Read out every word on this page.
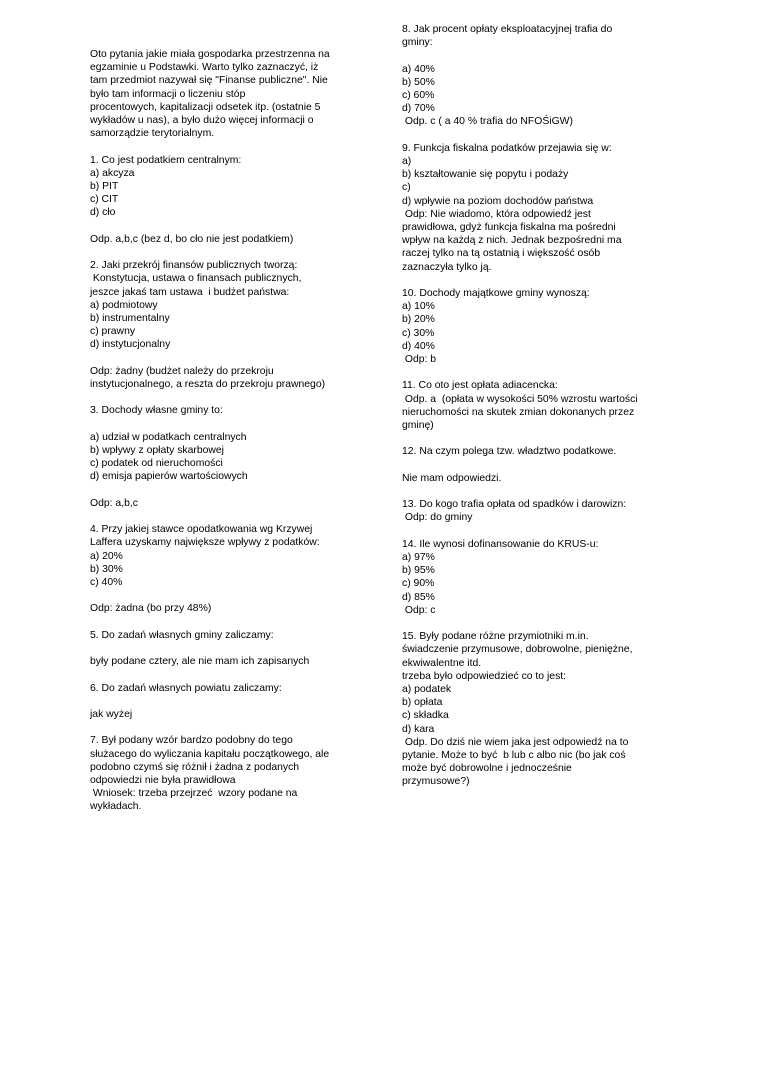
Oto pytania jakie miała gospodarka przestrzenna na
egzaminie u Podstawki. Warto tylko zaznaczyć, iż
tam przedmiot nazywał się "Finanse publiczne". Nie
było tam informacji o liczeniu stóp
procentowych, kapitalizacji odsetek itp. (ostatnie 5
wykładów u nas), a było dużo więcej informacji o
samorządzie terytorialnym.
1. Co jest podatkiem centralnym:
a) akcyza
b) PIT
c) CIT
d) cło
Odp. a,b,c (bez d, bo cło nie jest podatkiem)
2. Jaki przekrój finansów publicznych tworzą:
Konstytucja, ustawa o finansach publicznych,
jeszce jakaś tam ustawa  i budżet państwa:
a) podmiotowy
b) instrumentalny
c) prawny
d) instytucjonalny
Odp: żadny (budżet należy do przekroju
instytucjonalnego, a reszta do przekroju prawnego)
3. Dochody własne gminy to:
a) udział w podatkach centralnych
b) wpływy z opłaty skarbowej
c) podatek od nieruchomości
d) emisja papierów wartościowych
Odp: a,b,c
4. Przy jakiej stawce opodatkowania wg Krzywej
Laffera uzyskamy największe wpływy z podatków:
a) 20%
b) 30%
c) 40%
Odp: żadna (bo przy 48%)
5. Do zadań własnych gminy zaliczamy:
były podane cztery, ale nie mam ich zapisanych
6. Do zadań własnych powiatu zaliczamy:
jak wyżej
7. Był podany wzór bardzo podobny do tego
służacego do wyliczania kapitału początkowego, ale
podobno czymś się różnił i żadna z podanych
odpowiedzi nie była prawidłowa
Wniosek: trzeba przejrzeć  wzory podane na
wykładach.
8. Jak procent opłaty eksploatacyjnej trafia do
gminy:
a) 40%
b) 50%
c) 60%
d) 70%
Odp. c ( a 40 % trafia do NFOŚiGW)
9. Funkcja fiskalna podatków przejawia się w:
a)
b) kształtowanie się popytu i podaży
c)
d) wpływie na poziom dochodów państwa
Odp: Nie wiadomo, która odpowiedź jest
prawidłowa, gdyż funkcja fiskalna ma pośredni
wpływ na każdą z nich. Jednak bezpośredni ma
raczej tylko na tą ostatnią i większość osób
zaznaczyła tylko ją.
10. Dochody majątkowe gminy wynoszą:
a) 10%
b) 20%
c) 30%
d) 40%
Odp: b
11. Co oto jest opłata adiacencka:
Odp. a  (opłata w wysokości 50% wzrostu wartości
nieruchomości na skutek zmian dokonanych przez
gminę)
12. Na czym polega tzw. władztwo podatkowe.
Nie mam odpowiedzi.
13. Do kogo trafia opłata od spadków i darowizn:
Odp: do gminy
14. Ile wynosi dofinansowanie do KRUS-u:
a) 97%
b) 95%
c) 90%
d) 85%
Odp: c
15. Były podane różne przymiotniki m.in.
świadczenie przymusowe, dobrowolne, pieniężne,
ekwiwalentne itd.
trzeba było odpowiedzieć co to jest:
a) podatek
b) opłata
c) składka
d) kara
Odp. Do dziś nie wiem jaka jest odpowiedź na to
pytanie. Może to być  b lub c albo nic (bo jak coś
może być dobrowolne i jednocześnie
przymusowe?)
